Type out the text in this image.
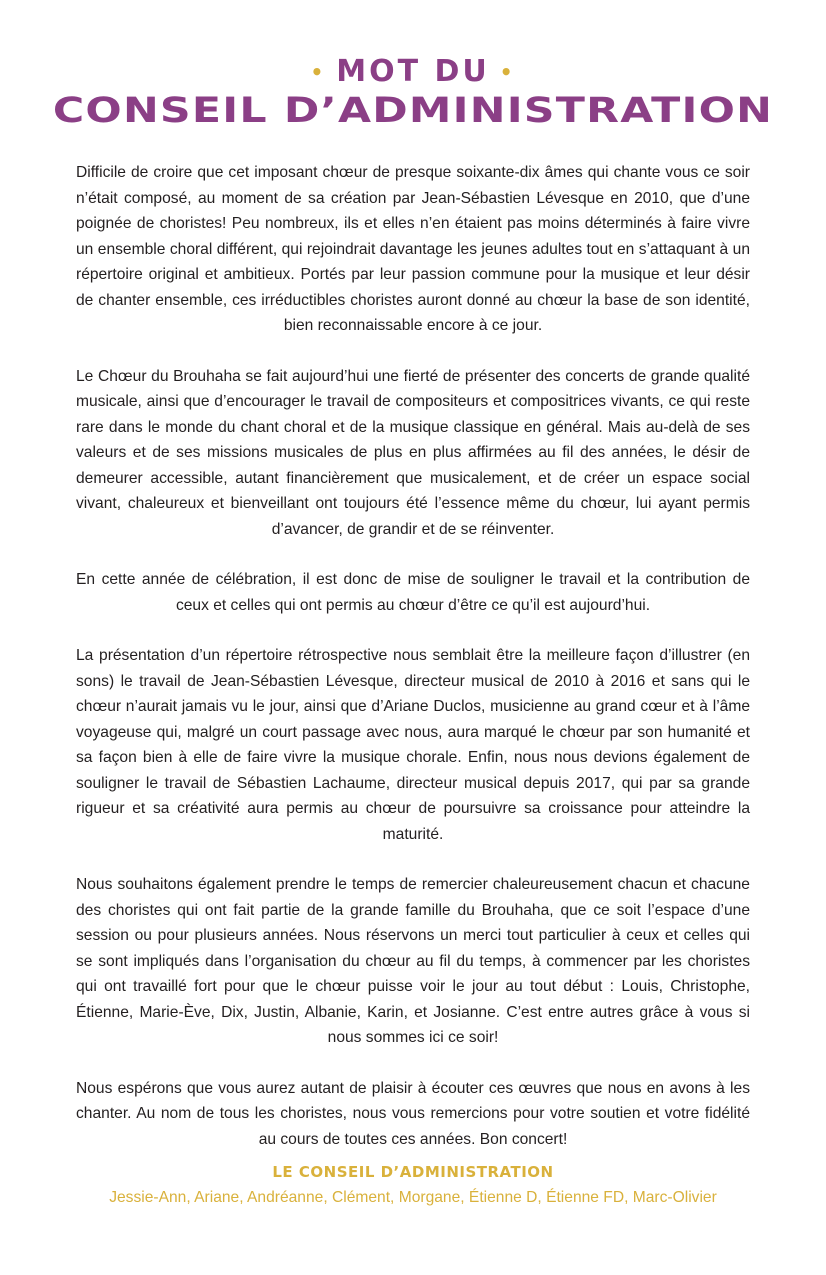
• MOT DU •
CONSEIL D’ADMINISTRATION

Difficile de croire que cet imposant chœur de presque soixante-dix âmes qui chante vous ce soir n’était composé, au moment de sa création par Jean-Sébastien Lévesque en 2010, que d’une poignée de choristes! Peu nombreux, ils et elles n’en étaient pas moins déterminés à faire vivre un ensemble choral différent, qui rejoindrait davantage les jeunes adultes tout en s’attaquant à un répertoire original et ambitieux. Portés par leur passion commune pour la musique et leur désir de chanter ensemble, ces irréductibles choristes auront donné au chœur la base de son identité, bien reconnaissable encore à ce jour.

Le Chœur du Brouhaha se fait aujourd’hui une fierté de présenter des concerts de grande qualité musicale, ainsi que d’encourager le travail de compositeurs et compositrices vivants, ce qui reste rare dans le monde du chant choral et de la musique classique en général. Mais au-delà de ses valeurs et de ses missions musicales de plus en plus affirmées au fil des années, le désir de demeurer accessible, autant financièrement que musicalement, et de créer un espace social vivant, chaleureux et bienveillant ont toujours été l’essence même du chœur, lui ayant permis d’avancer, de grandir et de se réinventer.

En cette année de célébration, il est donc de mise de souligner le travail et la contribution de ceux et celles qui ont permis au chœur d’être ce qu’il est aujourd’hui.

La présentation d’un répertoire rétrospective nous semblait être la meilleure façon d’illustrer (en sons) le travail de Jean-Sébastien Lévesque, directeur musical de 2010 à 2016 et sans qui le chœur n’aurait jamais vu le jour, ainsi que d’Ariane Duclos, musicienne au grand cœur et à l’âme voyageuse qui, malgré un court passage avec nous, aura marqué le chœur par son humanité et sa façon bien à elle de faire vivre la musique chorale. Enfin, nous nous devions également de souligner le travail de Sébastien Lachaume, directeur musical depuis 2017, qui par sa grande rigueur et sa créativité aura permis au chœur de poursuivre sa croissance pour atteindre la maturité.

Nous souhaitons également prendre le temps de remercier chaleureusement chacun et chacune des choristes qui ont fait partie de la grande famille du Brouhaha, que ce soit l’espace d’une session ou pour plusieurs années. Nous réservons un merci tout particulier à ceux et celles qui se sont impliqués dans l’organisation du chœur au fil du temps, à commencer par les choristes qui ont travaillé fort pour que le chœur puisse voir le jour au tout début : Louis, Christophe, Étienne, Marie-Ève, Dix, Justin, Albanie, Karin, et Josianne. C’est entre autres grâce à vous si nous sommes ici ce soir!

Nous espérons que vous aurez autant de plaisir à écouter ces œuvres que nous en avons à les chanter. Au nom de tous les choristes, nous vous remercions pour votre soutien et votre fidélité au cours de toutes ces années. Bon concert!

LE CONSEIL D’ADMINISTRATION
Jessie-Ann, Ariane, Andréanne, Clément, Morgane, Étienne D, Étienne FD, Marc-Olivier
